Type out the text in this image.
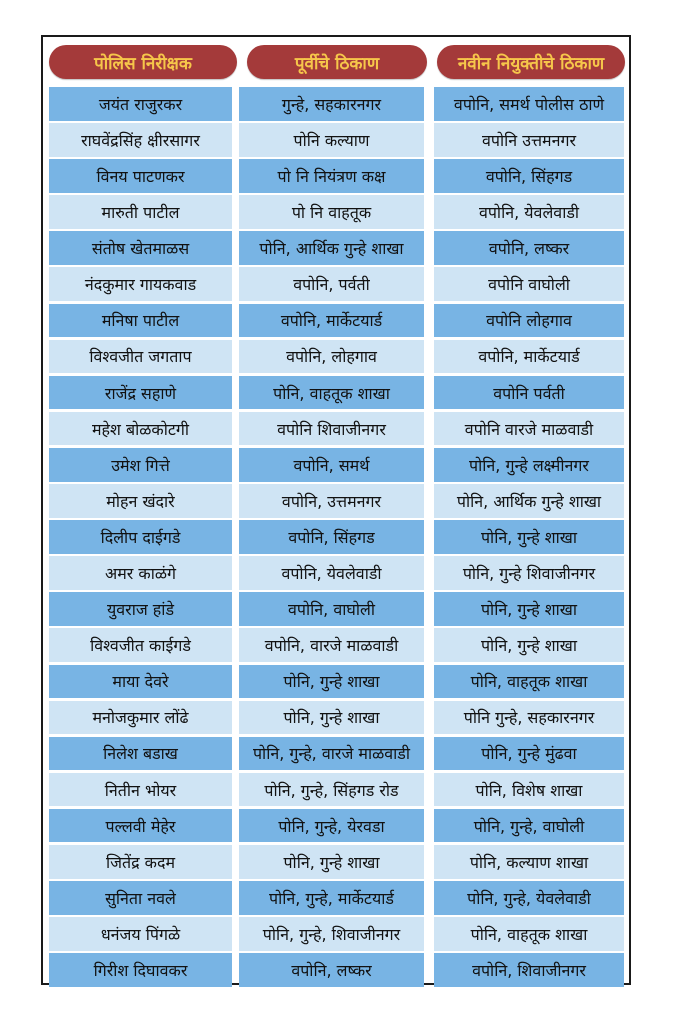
पोलिस निरीक्षक	पूर्वीचे ठिकाण	नवीन नियुक्तीचे ठिकाण
जयंत राजुरकर	गुन्हे, सहकारनगर	वपोनि, समर्थ पोलीस ठाणे
राघवेंद्रसिंह क्षीरसागर	पोनि कल्याण	वपोनि उत्तमनगर
विनय पाटणकर	पो नि नियंत्रण कक्ष	वपोनि, सिंहगड
मारुती पाटील	पो नि वाहतूक	वपोनि, येवलेवाडी
संतोष खेतमाळस	पोनि, आर्थिक गुन्हे शाखा	वपोनि, लष्कर
नंदकुमार गायकवाड	वपोनि, पर्वती	वपोनि वाघोली
मनिषा पाटील	वपोनि, मार्केटयार्ड	वपोनि लोहगाव
विश्वजीत जगताप	वपोनि, लोहगाव	वपोनि, मार्केटयार्ड
राजेंद्र सहाणे	पोनि, वाहतूक शाखा	वपोनि पर्वती
महेश बोळकोटगी	वपोनि शिवाजीनगर	वपोनि वारजे माळवाडी
उमेश गित्ते	वपोनि, समर्थ	पोनि, गुन्हे लक्ष्मीनगर
मोहन खंदारे	वपोनि, उत्तमनगर	पोनि, आर्थिक गुन्हे शाखा
दिलीप दाईगडे	वपोनि, सिंहगड	पोनि, गुन्हे शाखा
अमर काळंगे	वपोनि, येवलेवाडी	पोनि, गुन्हे शिवाजीनगर
युवराज हांडे	वपोनि, वाघोली	पोनि, गुन्हे शाखा
विश्वजीत काईगडे	वपोनि, वारजे माळवाडी	पोनि, गुन्हे शाखा
माया देवरे	पोनि, गुन्हे शाखा	पोनि, वाहतूक शाखा
मनोजकुमार लोंढे	पोनि, गुन्हे शाखा	पोनि गुन्हे, सहकारनगर
निलेश बडाख	पोनि, गुन्हे, वारजे माळवाडी	पोनि, गुन्हे मुंढवा
नितीन भोयर	पोनि, गुन्हे, सिंहगड रोड	पोनि, विशेष शाखा
पल्लवी मेहेर	पोनि, गुन्हे, येरवडा	पोनि, गुन्हे, वाघोली
जितेंद्र कदम	पोनि, गुन्हे शाखा	पोनि, कल्याण शाखा
सुनिता नवले	पोनि, गुन्हे, मार्केटयार्ड	पोनि, गुन्हे, येवलेवाडी
धनंजय पिंगळे	पोनि, गुन्हे, शिवाजीनगर	पोनि, वाहतूक शाखा
गिरीश दिघावकर	वपोनि, लष्कर	वपोनि, शिवाजीनगर
